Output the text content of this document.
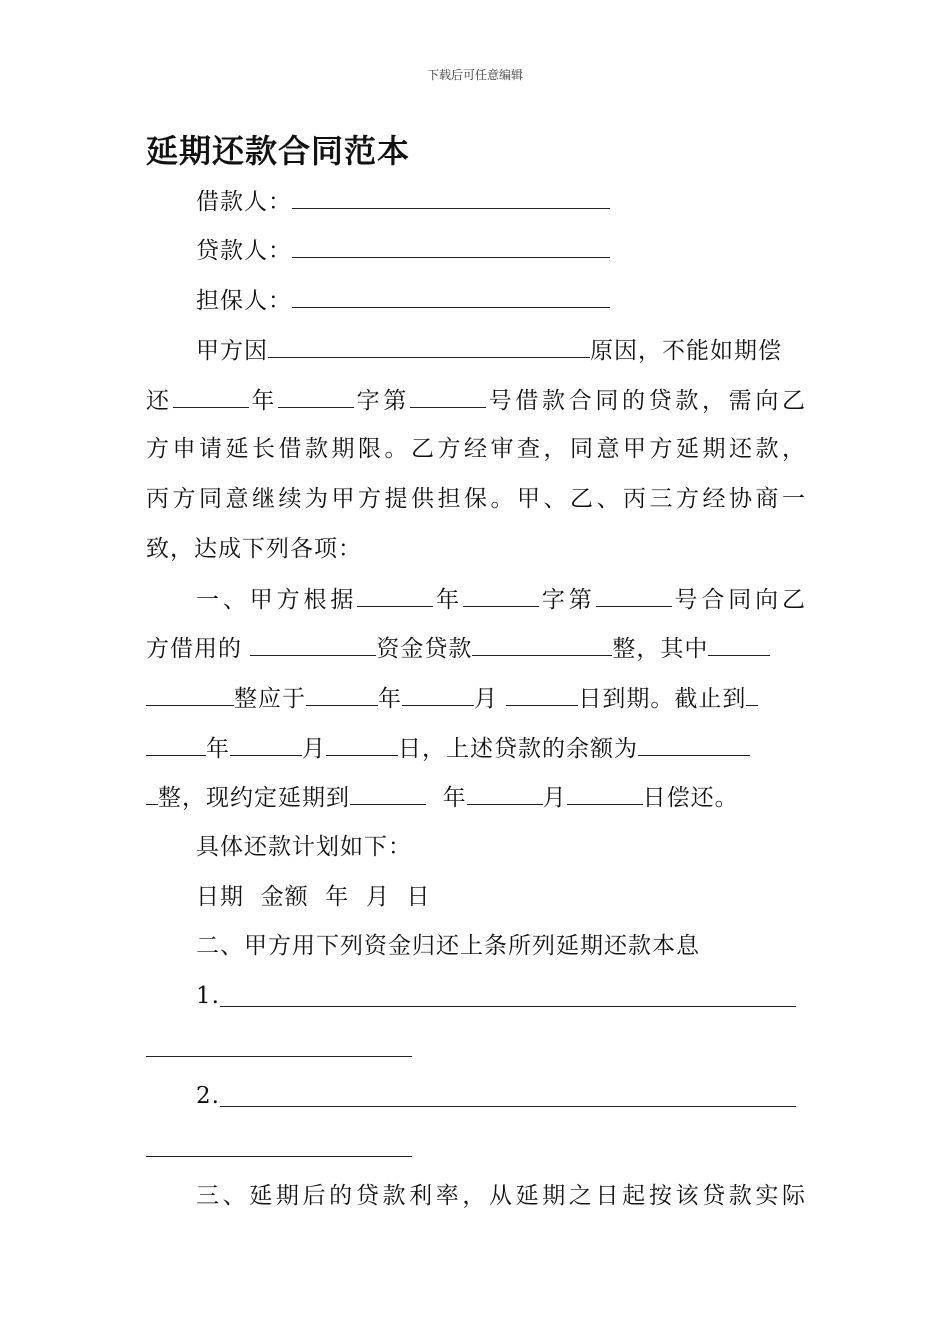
下载后可任意编辑
延期还款合同范本
借款人：
贷款人：
担保人：
甲方因	原因，不能如期偿
还	年	字第	号借款合同的贷款，需向乙
方申请延长借款期限。乙方经审查，同意甲方延期还款，
丙方同意继续为甲方提供担保。甲、乙、丙三方经协商一
致，达成下列各项：
一、甲方根据	年	字第	号合同向乙
方借用的	资金贷款	整，其中
整应于	年	月	日到期。截止到
年	月	日，上述贷款的余额为
整，现约定延期到	年	月	日偿还。
具体还款计划如下：
日期  金额  年  月  日
二、甲方用下列资金归还上条所列延期还款本息
1.
2.
三、延期后的贷款利率，从延期之日起按该贷款实际
